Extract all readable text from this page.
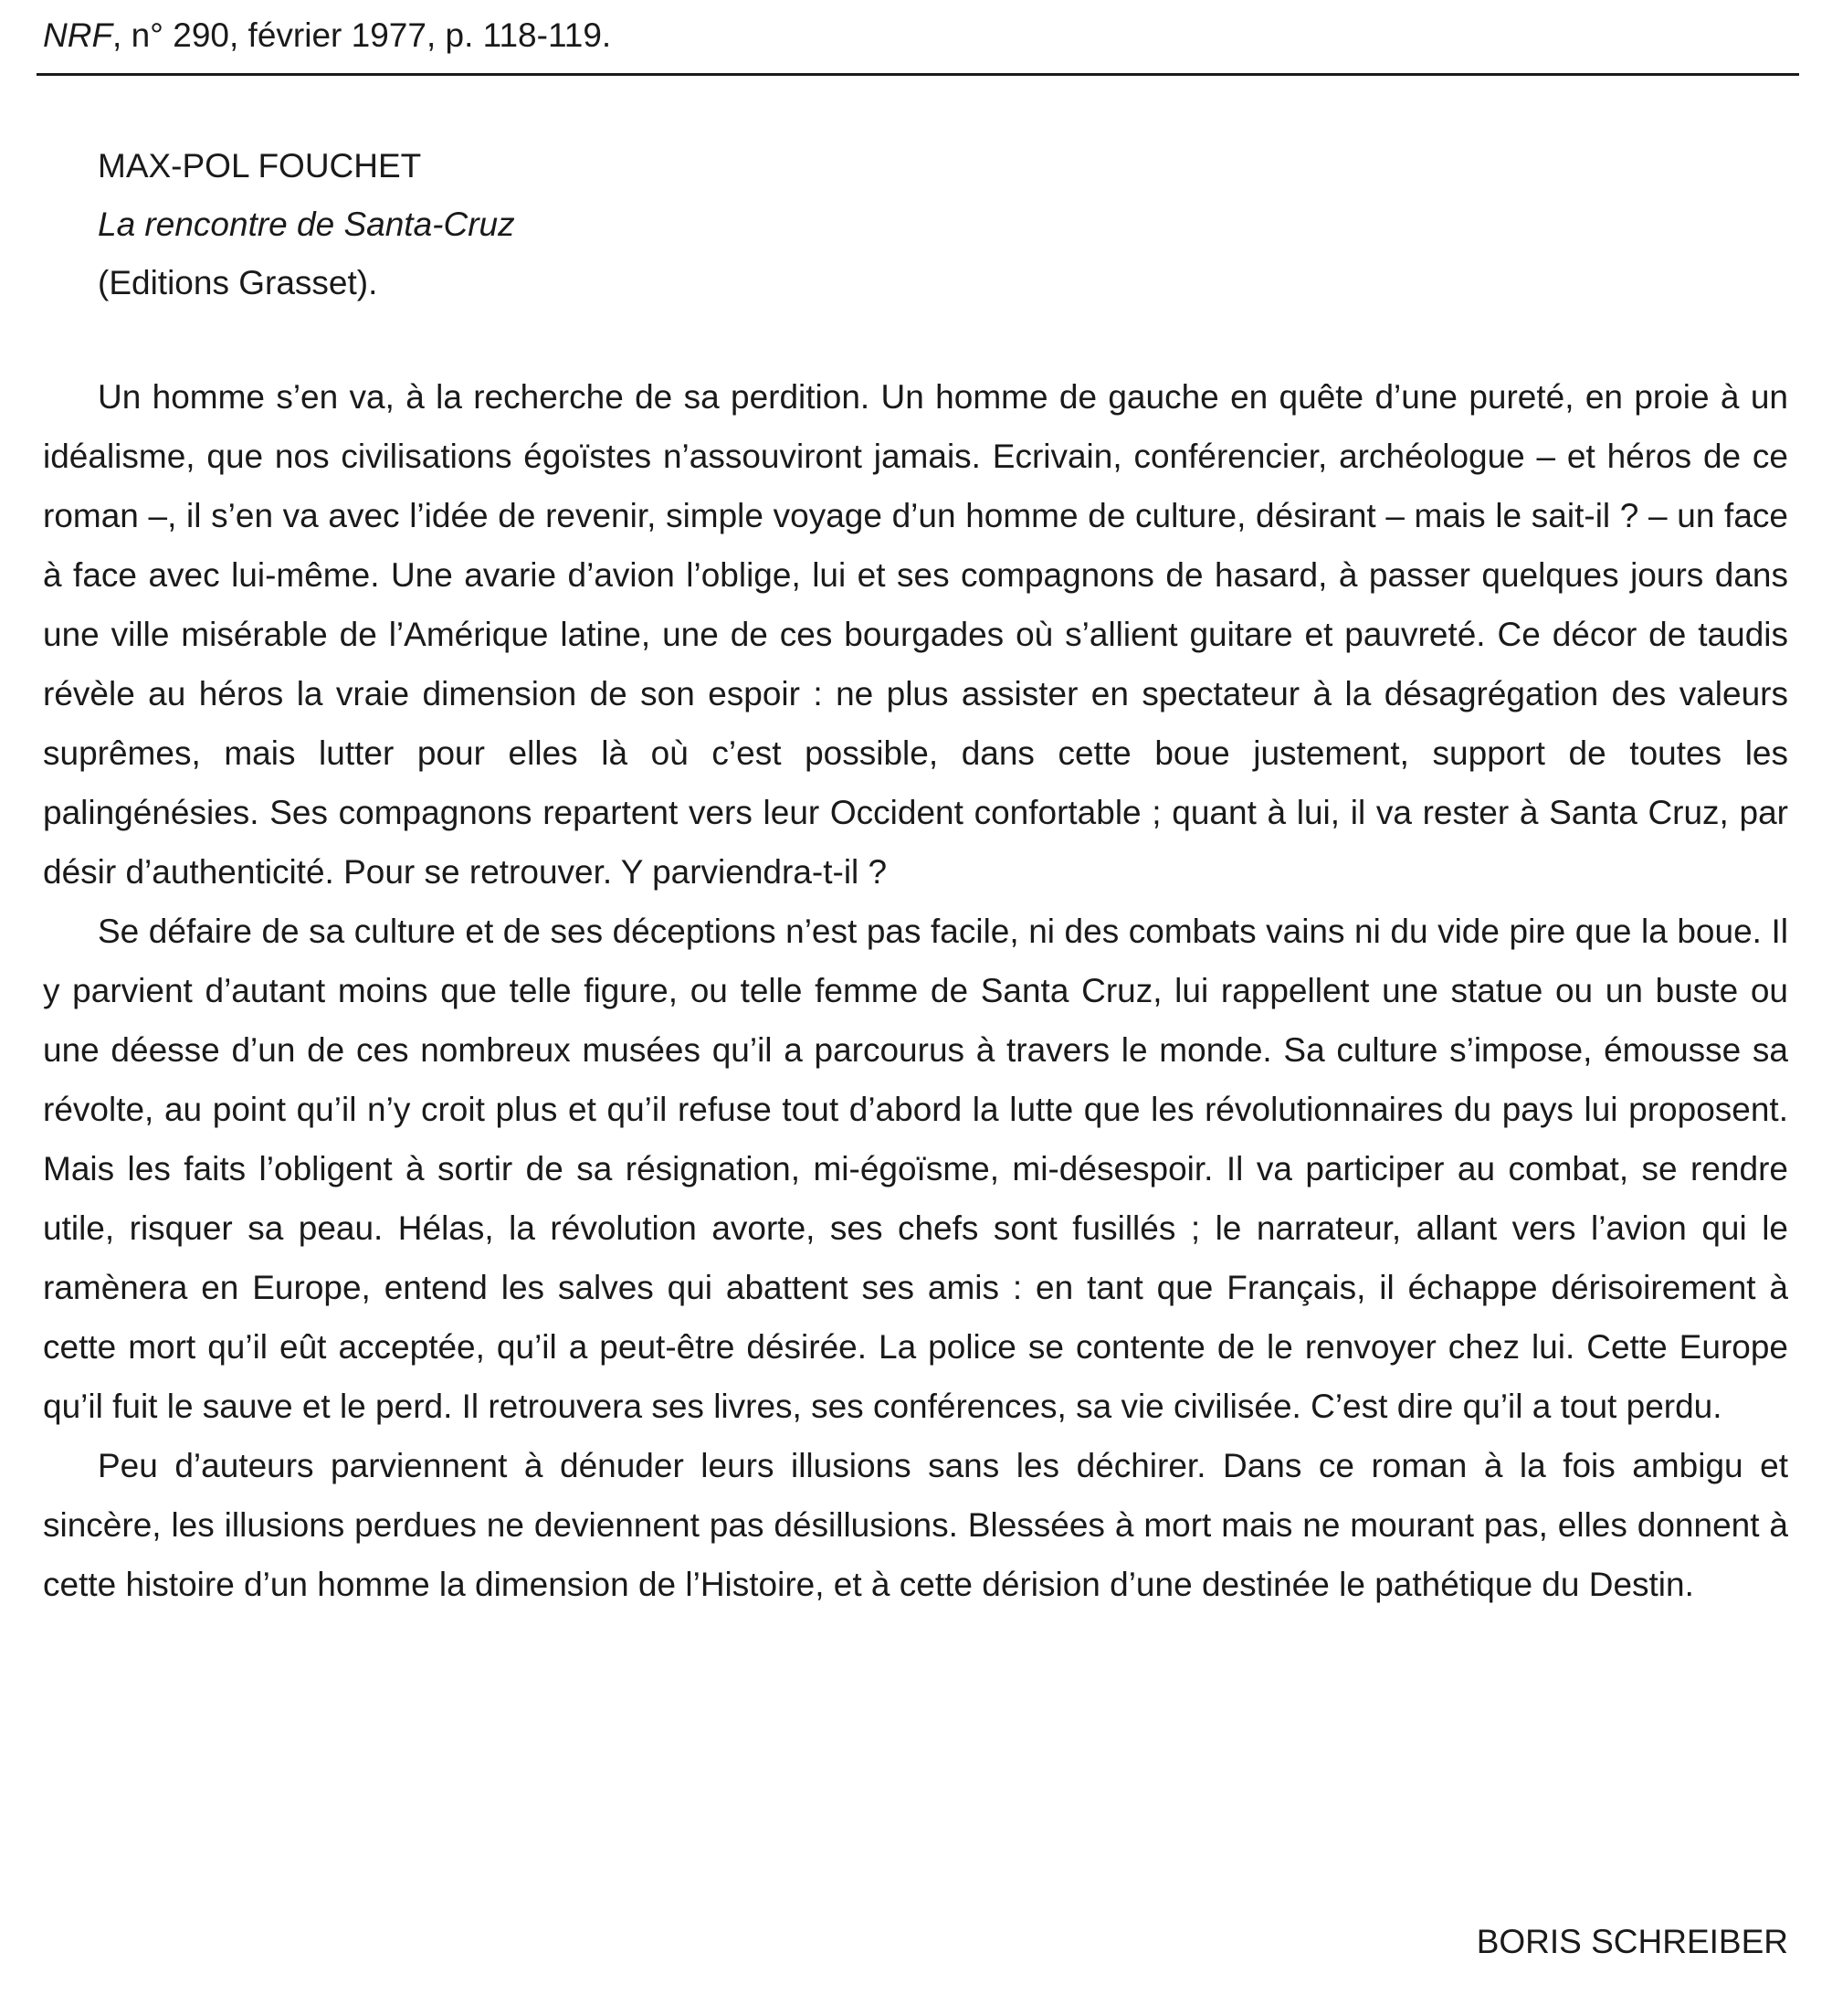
NRF, n° 290, février 1977, p. 118-119.
MAX-POL FOUCHET
La rencontre de Santa-Cruz
(Editions Grasset).

Un homme s’en va, à la recherche de sa perdition. Un homme de gauche en quête d’une pureté, en proie à un idéalisme, que nos civilisations égoïstes n’assouviront jamais. Ecrivain, conférencier, archéologue – et héros de ce roman –, il s’en va avec l’idée de revenir, simple voyage d’un homme de culture, désirant – mais le sait-il ? – un face à face avec lui-même. Une avarie d’avion l’oblige, lui et ses compagnons de hasard, à passer quelques jours dans une ville misérable de l’Amérique latine, une de ces bourgades où s’allient guitare et pauvreté. Ce décor de taudis révèle au héros la vraie dimension de son espoir : ne plus assister en spectateur à la désagrégation des valeurs suprêmes, mais lutter pour elles là où c’est possible, dans cette boue justement, support de toutes les palingénésies. Ses compagnons repartent vers leur Occident confortable ; quant à lui, il va rester à Santa Cruz, par désir d’authenticité. Pour se retrouver. Y parviendra-t-il ?

Se défaire de sa culture et de ses déceptions n’est pas facile, ni des combats vains ni du vide pire que la boue. Il y parvient d’autant moins que telle figure, ou telle femme de Santa Cruz, lui rappellent une statue ou un buste ou une déesse d’un de ces nombreux musées qu’il a parcourus à travers le monde. Sa culture s’impose, émousse sa révolte, au point qu’il n’y croit plus et qu’il refuse tout d’abord la lutte que les révolutionnaires du pays lui proposent. Mais les faits l’obligent à sortir de sa résignation, mi-égoïsme, mi-désespoir. Il va participer au combat, se rendre utile, risquer sa peau. Hélas, la révolution avorte, ses chefs sont fusillés ; le narrateur, allant vers l’avion qui le ramènera en Europe, entend les salves qui abattent ses amis : en tant que Français, il échappe dérisoirement à cette mort qu’il eût acceptée, qu’il a peut-être désirée. La police se contente de le renvoyer chez lui. Cette Europe qu’il fuit le sauve et le perd. Il retrouvera ses livres, ses conférences, sa vie civilisée. C’est dire qu’il a tout perdu.

Peu d’auteurs parviennent à dénuder leurs illusions sans les déchirer. Dans ce roman à la fois ambigu et sincère, les illusions perdues ne deviennent pas désillusions. Blessées à mort mais ne mourant pas, elles donnent à cette histoire d’un homme la dimension de l’Histoire, et à cette dérision d’une destinée le pathétique du Destin.

BORIS SCHREIBER
